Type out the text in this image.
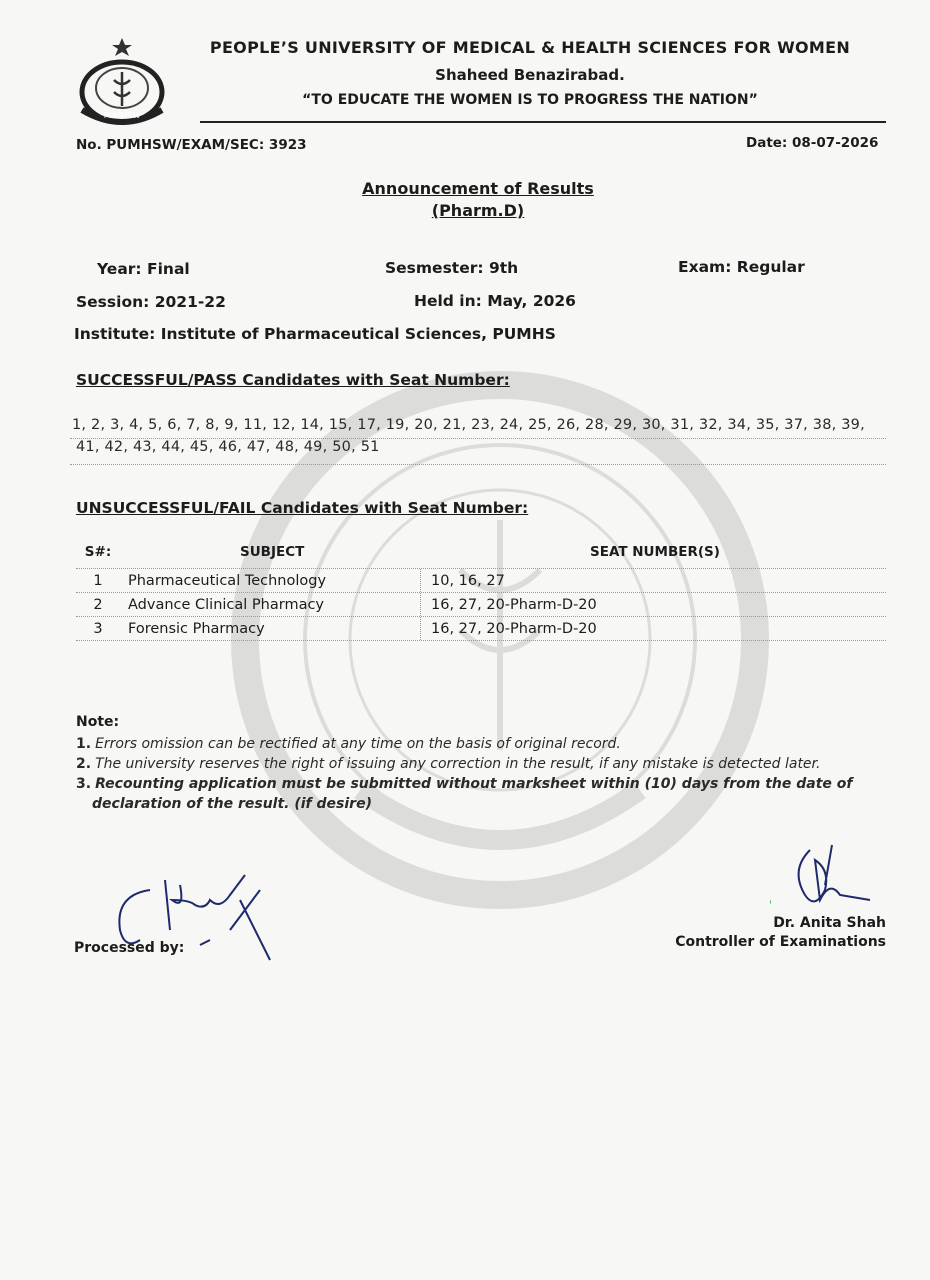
PUMHSW
PEOPLE’S UNIVERSITY OF MEDICAL & HEALTH SCIENCES FOR WOMEN
Shaheed Benazirabad.
“TO EDUCATE THE WOMEN IS TO PROGRESS THE NATION”
No. PUMHSW/EXAM/SEC: 3923	Date: 08-07-2026
Announcement of Results
(Pharm.D)
Year: Final	Sesmester: 9th	Exam: Regular
Session: 2021-22	Held in: May, 2026
Institute: Institute of Pharmaceutical Sciences, PUMHS
SUCCESSFUL/PASS Candidates with Seat Number:
1, 2, 3, 4, 5, 6, 7, 8, 9, 11, 12, 14, 15, 17, 19, 20, 21, 23, 24, 25, 26, 28, 29, 30, 31, 32, 34, 35, 37, 38, 39,
41, 42, 43, 44, 45, 46, 47, 48, 49, 50, 51
UNSUCCESSFUL/FAIL Candidates with Seat Number:
S#:	SUBJECT	SEAT NUMBER(S)
1	Pharmaceutical Technology	10, 16, 27
2	Advance Clinical Pharmacy	16, 27, 20-Pharm-D-20
3	Forensic Pharmacy	16, 27, 20-Pharm-D-20
Note:
1. Errors omission can be rectified at any time on the basis of original record.
2. The university reserves the right of issuing any correction in the result, if any mistake is detected later.
3. Recounting application must be submitted without marksheet within (10) days from the date of
declaration of the result. (if desire)
Processed by:
Dr. Anita Shah
Controller of Examinations
